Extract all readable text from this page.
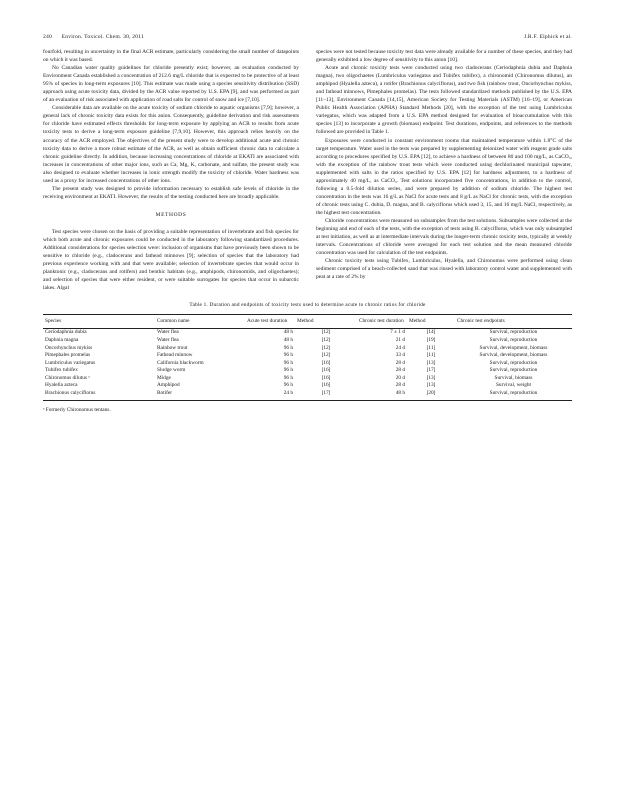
240 Environ. Toxicol. Chem. 30, 2011	J.R.F. Elphick et al.

fourfold, resulting in uncertainty in the final ACR estimate, particularly considering the small number of datapoints on which it was based.

No Canadian water quality guidelines for chloride presently exist; however, an evaluation conducted by Environment Canada established a concentration of 212.6 mg/L chloride that is expected to be protective of at least 95% of species in long-term exposures [10]. This estimate was made using a species sensitivity distribution (SSD) approach using acute toxicity data, divided by the ACR value reported by U.S. EPA [9], and was performed as part of an evaluation of risk associated with application of road salts for control of snow and ice [7,10].

Considerable data are available on the acute toxicity of sodium chloride to aquatic organisms [7,9]; however, a general lack of chronic toxicity data exists for this anion. Consequently, guideline derivation and risk assessments for chloride have estimated effects thresholds for long-term exposure by applying an ACR to results from acute toxicity tests to derive a long-term exposure guideline [7,9,10]. However, this approach relies heavily on the accuracy of the ACR employed. The objectives of the present study were to develop additional acute and chronic toxicity data to derive a more robust estimate of the ACR, as well as obtain sufficient chronic data to calculate a chronic guideline directly. In addition, because increasing concentrations of chloride at EKATI are associated with increases in concentrations of other major ions, such as Ca, Mg, K, carbonate, and sulfate, the present study was also designed to evaluate whether increases in ionic strength modify the toxicity of chloride. Water hardness was used as a proxy for increased concentrations of other ions.

The present study was designed to provide information necessary to establish safe levels of chloride in the receiving environment at EKATI. However, the results of the testing conducted here are broadly applicable.

METHODS

Test species were chosen on the basis of providing a suitable representation of invertebrate and fish species for which both acute and chronic exposures could be conducted in the laboratory following standardized procedures. Additional considerations for species selection were: inclusion of organisms that have previously been shown to be sensitive to chloride (e.g., cladocerans and fathead minnows [9]; selection of species that the laboratory had previous experience working with and that were available; selection of invertebrate species that would occur in planktonic (e.g., cladocerans and rotifers) and benthic habitats (e.g., amphipods, chironomids, and oligochaetes); and selection of species that were either resident, or were suitable surrogates for species that occur in subarctic lakes. Algal

species were not tested because toxicity test data were already available for a number of these species, and they had generally exhibited a low degree of sensitivity to this anion [10].

Acute and chronic toxicity tests were conducted using two cladocerans (Ceriodaphnia dubia and Daphnia magna), two oligochaetes (Lumbriculus variegatus and Tubifex tubifex), a chironomid (Chironomus dilutus), an amphipod (Hyalella azteca), a rotifer (Brachionus calyciflorus), and two fish (rainbow trout, Oncorhynchus mykiss, and fathead minnows, Pimephales promelas). The tests followed standardized methods published by the U.S. EPA [11–13], Environment Canada [14,15], American Society for Testing Materials (ASTM) [16–19], or American Public Health Association (APHA) Standard Methods [20], with the exception of the test using Lumbriculus variegatus, which was adapted from a U.S. EPA method designed for evaluation of bioaccumulation with this species [13] to incorporate a growth (biomass) endpoint. Test durations, endpoints, and references to the methods followed are provided in Table 1.

Exposures were conducted in constant environment rooms that maintained temperature within 1.8°C of the target temperature. Water used in the tests was prepared by supplementing deionized water with reagent grade salts according to procedures specified by U.S. EPA [12], to achieve a hardness of between 80 and 100 mg/L, as CaCO₃, with the exception of the rainbow trout tests which were conducted using dechlorinated municipal tapwater, supplemented with salts in the ratios specified by U.S. EPA [12] for hardness adjustment, to a hardness of approximately 40 mg/L, as CaCO₃. Test solutions incorporated five concentrations, in addition to the control, following a 0.5-fold dilution series, and were prepared by addition of sodium chloride. The highest test concentration in the tests was 16 g/L as NaCl for acute tests and 8 g/L as NaCl for chronic tests, with the exception of chronic tests using C. dubia, D. magna, and B. calyciflorus which used 3, 15, and 16 mg/L NaCl, respectively, as the highest test concentration.

Chloride concentrations were measured on subsamples from the test solutions. Subsamples were collected at the beginning and end of each of the tests, with the exception of tests using B. calyciflorus, which was only subsampled at test initiation, as well as at intermediate intervals during the longer-term chronic toxicity tests, typically at weekly intervals. Concentrations of chloride were averaged for each test solution and the mean measured chloride concentration was used for calculation of the test endpoints.

Chronic toxicity tests using Tubifex, Lumbriculus, Hyalella, and Chironomus were performed using clean sediment comprised of a beach-collected sand that was rinsed with laboratory control water and supplemented with peat at a rate of 2% by

Table 1. Duration and endpoints of toxicity tests used to determine acute to chronic ratios for chloride
Species	Common name	Acute test duration	Method	Chronic test duration	Method	Chronic test endpoints
Ceriodaphnia dubia	Water flea	48 h	[12]	7 ± 1 d	[14]	Survival, reproduction
Daphnia magna	Water flea	48 h	[12]	21 d	[19]	Survival, reproduction
Oncorhynchus mykiss	Rainbow trout	96 h	[12]	24 d	[11]	Survival, development, biomass
Pimephales promelas	Fathead minnow	96 h	[12]	33 d	[11]	Survival, development, biomass
Lumbriculus variegatus	California blackworm	96 h	[16]	28 d	[13]	Survival, reproduction
Tubifex tubifex	Sludge worm	96 h	[16]	28 d	[17]	Survival, reproduction
Chironomus dilutus ᵃ	Midge	96 h	[16]	20 d	[13]	Survival, biomass
Hyalella azteca	Amphipod	96 h	[16]	28 d	[13]	Survival, weight
Brachionus calyciflorus	Rotifer	24 h	[17]	48 h	[20]	Survival, reproduction
ᵃ Formerly Chironomus tentans.
